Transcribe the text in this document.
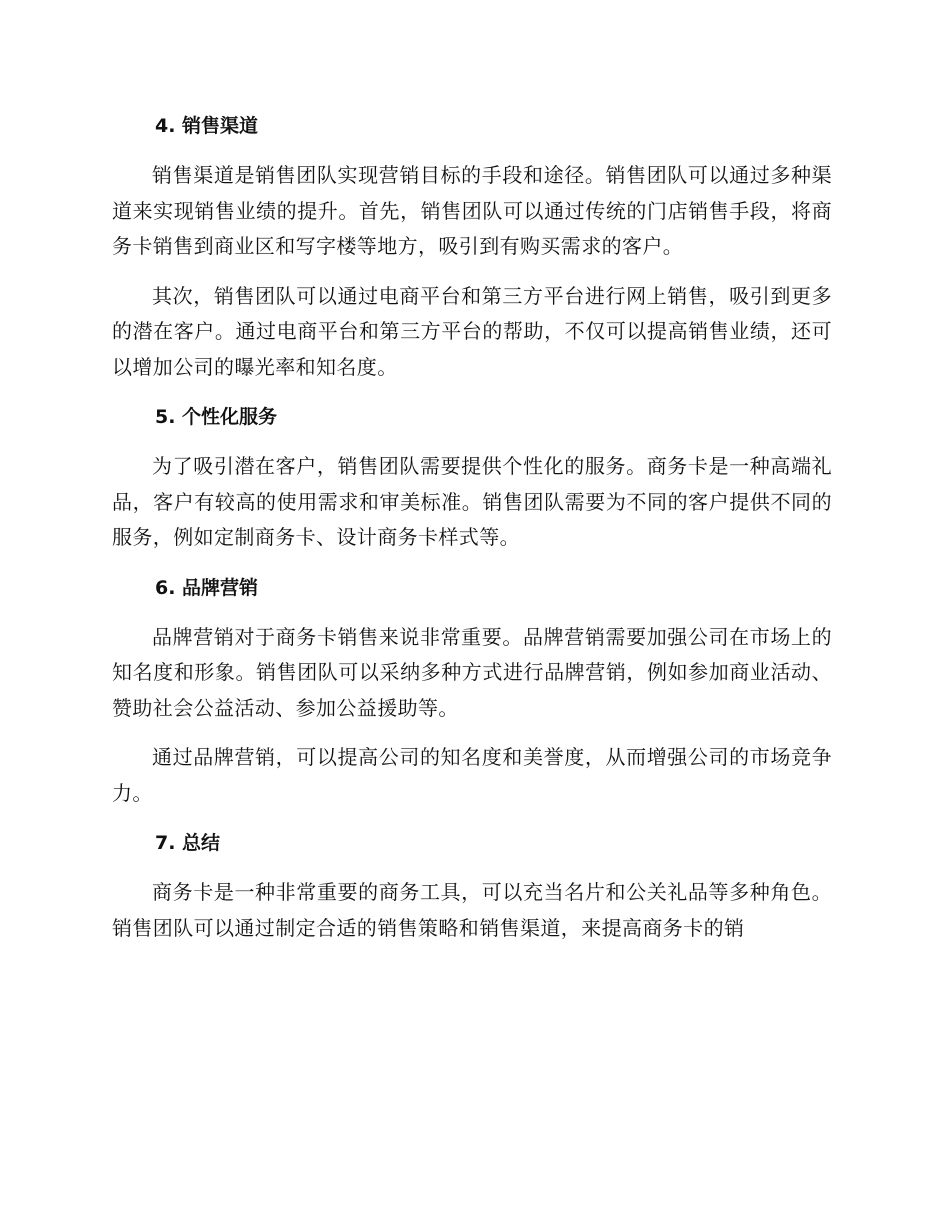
4. 销售渠道

销售渠道是销售团队实现营销目标的手段和途径。销售团队可以通过多种渠道来实现销售业绩的提升。首先，销售团队可以通过传统的门店销售手段，将商务卡销售到商业区和写字楼等地方，吸引到有购买需求的客户。

其次，销售团队可以通过电商平台和第三方平台进行网上销售，吸引到更多的潜在客户。通过电商平台和第三方平台的帮助，不仅可以提高销售业绩，还可以增加公司的曝光率和知名度。

5. 个性化服务

为了吸引潜在客户，销售团队需要提供个性化的服务。商务卡是一种高端礼品，客户有较高的使用需求和审美标准。销售团队需要为不同的客户提供不同的服务，例如定制商务卡、设计商务卡样式等。

6. 品牌营销

品牌营销对于商务卡销售来说非常重要。品牌营销需要加强公司在市场上的知名度和形象。销售团队可以采纳多种方式进行品牌营销，例如参加商业活动、赞助社会公益活动、参加公益援助等。

通过品牌营销，可以提高公司的知名度和美誉度，从而增强公司的市场竞争力。

7. 总结

商务卡是一种非常重要的商务工具，可以充当名片和公关礼品等多种角色。销售团队可以通过制定合适的销售策略和销售渠道，来提高商务卡的销
